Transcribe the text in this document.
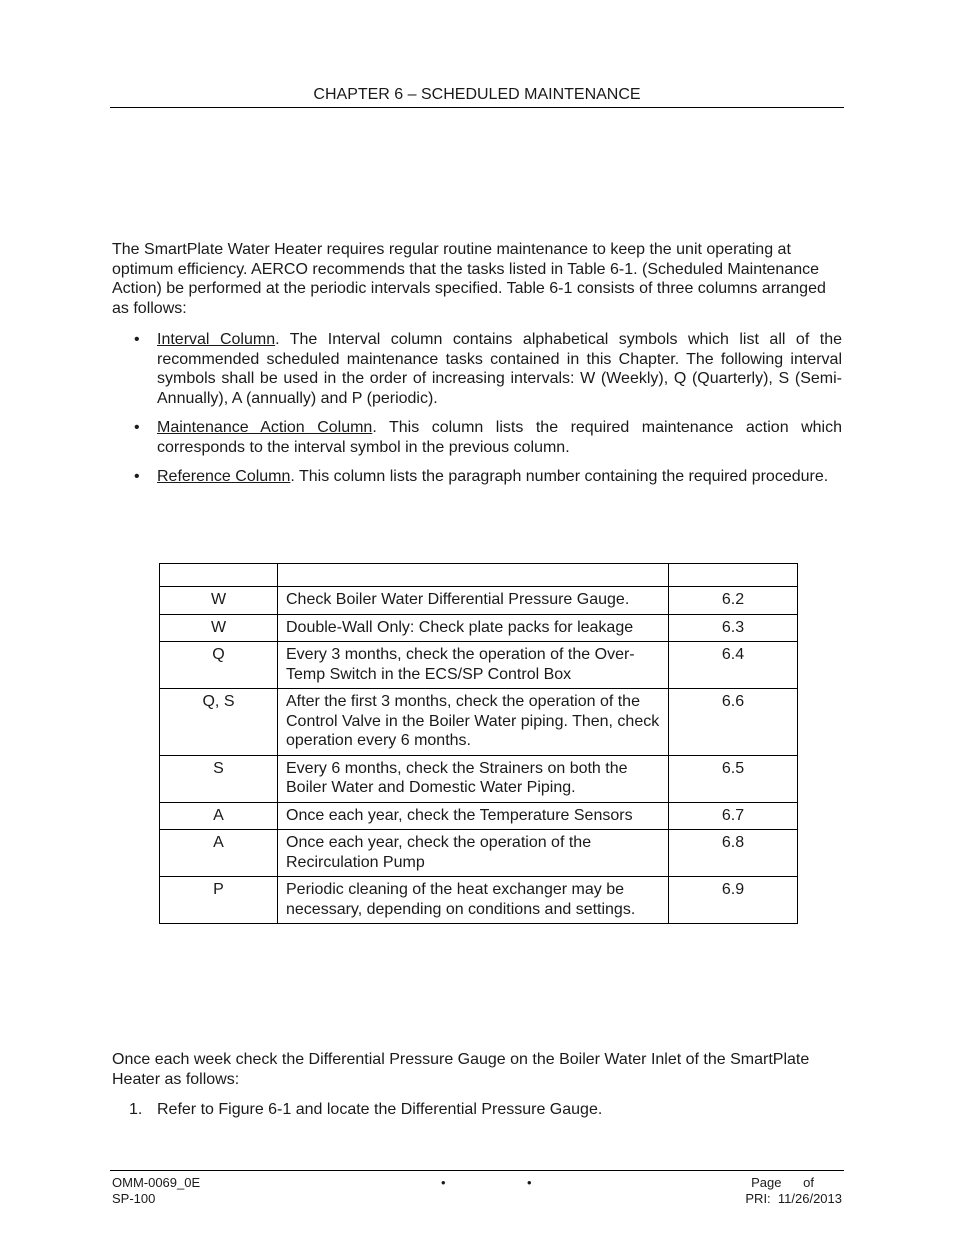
CHAPTER 6 – SCHEDULED MAINTENANCE

The SmartPlate Water Heater requires regular routine maintenance to keep the unit operating at optimum efficiency. AERCO recommends that the tasks listed in Table 6-1. (Scheduled Maintenance Action) be performed at the periodic intervals specified. Table 6-1 consists of three columns arranged as follows:

• Interval Column. The Interval column contains alphabetical symbols which list all of the recommended scheduled maintenance tasks contained in this Chapter. The following interval symbols shall be used in the order of increasing intervals: W (Weekly), Q (Quarterly), S (Semi-Annually), A (annually) and P (periodic).
• Maintenance Action Column. This column lists the required maintenance action which corresponds to the interval symbol in the previous column.
• Reference Column. This column lists the paragraph number containing the required procedure.

W	Check Boiler Water Differential Pressure Gauge.	6.2
W	Double-Wall Only: Check plate packs for leakage	6.3
Q	Every 3 months, check the operation of the Over-Temp Switch in the ECS/SP Control Box	6.4
Q, S	After the first 3 months, check the operation of the Control Valve in the Boiler Water piping. Then, check operation every 6 months.	6.6
S	Every 6 months, check the Strainers on both the Boiler Water and Domestic Water Piping.	6.5
A	Once each year, check the Temperature Sensors	6.7
A	Once each year, check the operation of the Recirculation Pump	6.8
P	Periodic cleaning of the heat exchanger may be necessary, depending on conditions and settings.	6.9

Once each week check the Differential Pressure Gauge on the Boiler Water Inlet of the SmartPlate Heater as follows:

1. Refer to Figure 6-1 and locate the Differential Pressure Gauge.
OMM-0069_0E
SP-100
•	•	Page      of
PRI:  11/26/2013
